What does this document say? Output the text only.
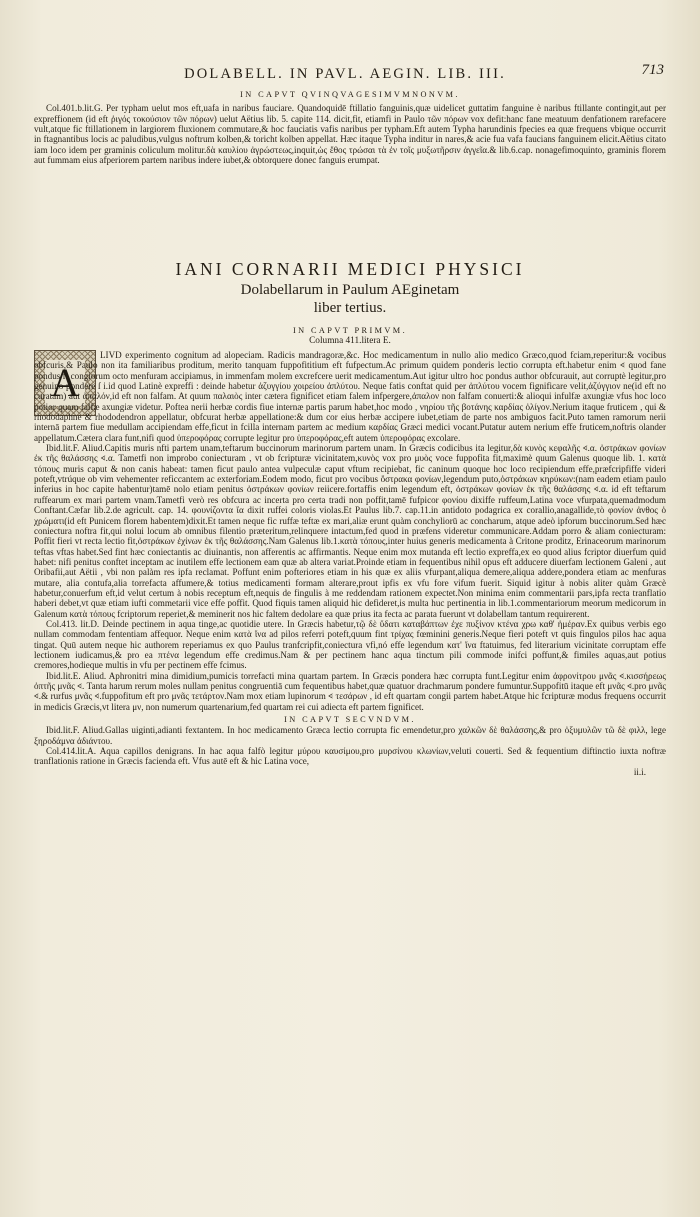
DOLABELL. IN PAVL. AEGIN. LIB. III.	713
IN CAPVT QVINQVAGESIMVMNONVM.

Col.401.b.lit.G. Per typham uelut mos eft,uafa in naribus fauciare. Quandoquidē ftillatio fanguinis,quæ uidelicet guttatim fanguine è naribus ftillante contingit,aut per expreffionem (id eft ῥιγός τοκούσιον τῶν πόρων) uelut Aëtius lib. 5. capite 114. dicit,fit, etiamfi in Paulo τῶν πόρων vox defit:hanc fane meatuum denfationem rarefacere vult,atque fic ftillationem in largiorem fluxionem commutare,& hoc fauciatis vafis naribus per typham.Eft autem Typha harundinis fpecies ea quæ frequens vbique occurrit in ftagnantibus locis ac paludibus,vulgus noftrum kolben,& toricht kolben appellat. Hæc itaque Typha inditur in nares,& acie fua vafa faucians fanguinem elicit.Aëtius citato iam loco idem per graminis coliculum molitur.δὰ καυλίου ἀγρώστεως,inquit,ὡς ἔθος τρώσαι τὰ ἐν τοῖς μυξωτῆρσιν ἀγγεῖα.& lib.6.cap. nonagefimoquinto, graminis florem aut fummam eius afperiorem partem naribus indere iubet,& obtorquere donec fanguis erumpat.

IANI CORNARII MEDICI PHYSICI
Dolabellarum in Paulum AEginetam
liber tertius.
IN CAPVT PRIMVM.
Columna 411.litera E.
A

LIVD experimento cognitum ad alopeciam. Radicis mandragoræ,&c. Hoc medicamentum in nullo alio medico Græco,quod fciam,reperitur:& vocibus obfcuris,& Paulo non ita familiaribus proditum, merito tanquam fuppofititium eft fufpectum.Ac primum quidem ponderis lectio corrupta eft.habetur enim 𐅻 quod fane pondus fi congiorum octo menfuram accipiamus, in immenfam molem excrefcere uerit medicamentum.Aut igitur ultro hoc pondus author obfcurauit, aut corruptè legitur,pro genuino pondere ſ i.id quod Latinè expreffi : deinde habetur ἀζυγγίου χοιρείου ἀπλύτου. Neque fatis conftat quid per ἀπλύτου vocem fignificare velit,ἀζύγγιον ne(id eft no curatam) aut ἀπαλόν,id eft non falfam. At quum παλαιὸς inter cætera fignificet etiam falem infpergere,ἀπαλον non falfam conuerti:& alioqui infulfæ axungiæ vfus hoc loco potior quam falfæ axungiæ videtur. Poftea nerii herbæ cordis fiue internæ partis parum habet,hoc modo , νηρίου τῆς βοτάνης καρδίας ὀλίγον.Nerium itaque fruticem , qui & rhododaphne & rhododendron appellatur, obfcurat herbæ appellatione:& dum cor eius herbæ accipere iubet,etiam de parte nos ambiguos facit.Puto tamen ramorum nerii internā partem fiue medullam accipiendam effe,ficut in fcilla internam partem ac medium καρδίας Græci medici vocant.Putatur autem nerium effe fruticem,noftris olander appellatum.Cætera clara funt,nifi quod ὑπεροφόρας corrupte legitur pro ὑπεροφόρας,eft autem ὑπεροφόρας excolare.

Ibid.lit.F. Aliud.Capitis muris nfti partem unam,teftarum buccinorum marinorum partem unam. In Græcis codicibus ita legitur,δὰ κυνὸς κεφαλῆς 𐅻.α. ὀστράκων φονίων ἐκ τῆς θαλάσσης 𐅻.α. Tametfi non improbo coniecturam , vt ob fcripturæ vicinitatem,κυνὸς vox pro μυὸς voce fuppofita fit,maximè quum Galenus quoque lib. 1. κατὰ τόπους muris caput & non canis habeat: tamen ficut paulo antea vulpeculæ caput vftum recipiebat, fic caninum quoque hoc loco recipiendum effe,præfcripfiffe videri poteft,vtrúque ob vim vehementer reficcantem ac exterforiam.Eodem modo, ficut pro vocibus ὄστρακα φονίων,legendum puto,ὀστράκων κηρύκων:(nam eadem etiam paulo inferius in hoc capite habentur)tamē nolo etiam penitus ὀστράκων φονίων reiicere.fortaffis enim legendum eft, ὀστράκων φονίων ἐκ τῆς θαλάσσης 𐅻.α. id eft teftarum ruffearum ex mari partem vnam.Tametfi verò res obfcura ac incerta pro certa tradi non poffit,tamē fufpicor φονίου dixiffe ruffeum,Latina voce vfurpata,quemadmodum Conftant.Cæfar lib.2.de agricult. cap. 14. φουνίζοντα ἴα dixit ruffei coloris violas.Et Paulus lib.7. cap.11.in antidoto podagrica ex corallio,anagallide,τὸ φονίον ἀνθος ὁ χρώματι(id eft Punicem florem habentem)dixit.Et tamen neque fic ruffæ teftæ ex mari,aliæ erunt quàm conchyliorū ac concharum, atque adeò ipforum buccinorum.Sed hæc coniectura noftra fit,qui nolui locum ab omnibus filentio præteritum,relinquere intactum,fed quod in præfens videretur communicare.Addam porro & aliam coniecturam: Poffit fieri vt recta lectio fit,ὀστράκων ἐχίνων ἐκ τῆς θαλάσσης.Nam Galenus lib.1.κατὰ τόπους,inter huius generis medicamenta à Critone proditz, Erinaceorum marinorum teftas vftas habet.Sed fint hæc coniectantis ac diuinantis, non afferentis ac affirmantis. Neque enim mox mutanda eft lectio expreffa,ex eo quod alius fcriptor diuerfum quid habet: nifi penitus conftet inceptam ac inutilem effe lectionem eam quæ ab altera variat.Proinde etiam in fequentibus nihil opus eft adducere diuerfam lectionem Galeni , aut Oribafii,aut Aëtii , vbi non palàm res ipfa reclamat. Poffunt enim pofteriores etiam in his quæ ex aliis vfurpant,aliqua demere,aliqua addere,pondera etiam ac menfuras mutare, alia contufa,alia torrefacta affumere,& totius medicamenti formam alterare,prout ipfis ex vfu fore vifum fuerit. Siquid igitur à nobis aliter quàm Græcè habetur,conuerfum eft,id velut certum à nobis receptum eft,nequis de fingulis à me reddendam rationem expectet.Non minima enim commentarii pars,ipfa recta tranflatio haberi debet,vt quæ etiam iufti commetarii vice effe poffit. Quod fiquis tamen aliquid hic defideret,is multa huc pertinentia in lib.1.commentariorum meorum medicorum in Galenum κατὰ τόπους fcriptorum reperiet,& meminerit nos hic faltem dedolare ea quæ prius ita fecta ac parata fuerunt vt dolabellam tantum requirerent.

Col.413. lit.D. Deinde pectinem in aqua tinge,ac quotidie utere. In Græcis habetur,τῷ δὲ ὕδατι καταβάπτων ἐχε πυξίνον κτένα χρω καθ' ἡμέραν.Ex quibus verbis ego nullam commodam fententiam affequor. Neque enim κατὰ ἴνα ad pilos referri poteft,quum fint τρίχας fœminini generis.Neque fieri poteft vt quis fingulos pilos hac aqua tingat. Quū autem neque hic authorem reperiamus ex quo Paulus tranfcripfit,coniectura vfi,nó effe legendum κατ' ἴνα ftatuimus, fed literarium vicinitate corruptam effe lectionem iudicamus,& pro ea πτένα legendum effe credimus.Nam & per pectinem hanc aqua tinctum pili commode inifci poffunt,& fimiles aquas,aut potius cremores,hodieque multis in vfu per pectinem effe fcimus.

Ibid.lit.E. Aliud. Aphronitri mina dimidium,pumicis torrefacti mina quartam partem. In Græcis pondera hæc corrupta funt.Legitur enim ἀφρονίτρου μνᾶς 𐅻.κισσήρεως ὀπτῆς μνᾶς 𐅻. Tanta harum rerum moles nullam penitus congruentiā cum fequentibus habet,quæ quatuor drachmarum pondere fumuntur.Suppofitū itaque eft μνᾶς 𐅻.pro μνᾶς 𐅻.& rurfus μνᾶς 𐅻.fuppofitum eft pro μνᾶς τετάρτον.Nam mox etiam lupinorum 𐅻 τεσάρων , id eft quartam congii partem habet.Atque hic fcripturæ modus frequens occurrit in medicis Græcis,vt litera μν, non numerum quartenarium,fed quartam rei cui adiecta eft partem fignificet.

IN CAPVT SECVNDVM.

Ibid.lit.F. Aliud.Gallas uiginti,adianti fextantem. In hoc medicamento Græca lectio corrupta fic emendetur,pro χαλκῶν δὲ θαλάσσης,& pro ὀξυμυλῶν τῶ δὲ φιλλ, lege ξηροδάμνα ἀδιάντου.

Col.414.lit.A. Aqua capillos denigrans. In hac aqua falfò legitur μύρου καυσίμου,pro μυρσίνου κλωνίων,veluti couerti. Sed & fequentium diftinctio iuxta noftræ tranflationis ratione in Græcis facienda eft. Vfus autē eft & hic Latina voce,

ii.i.
